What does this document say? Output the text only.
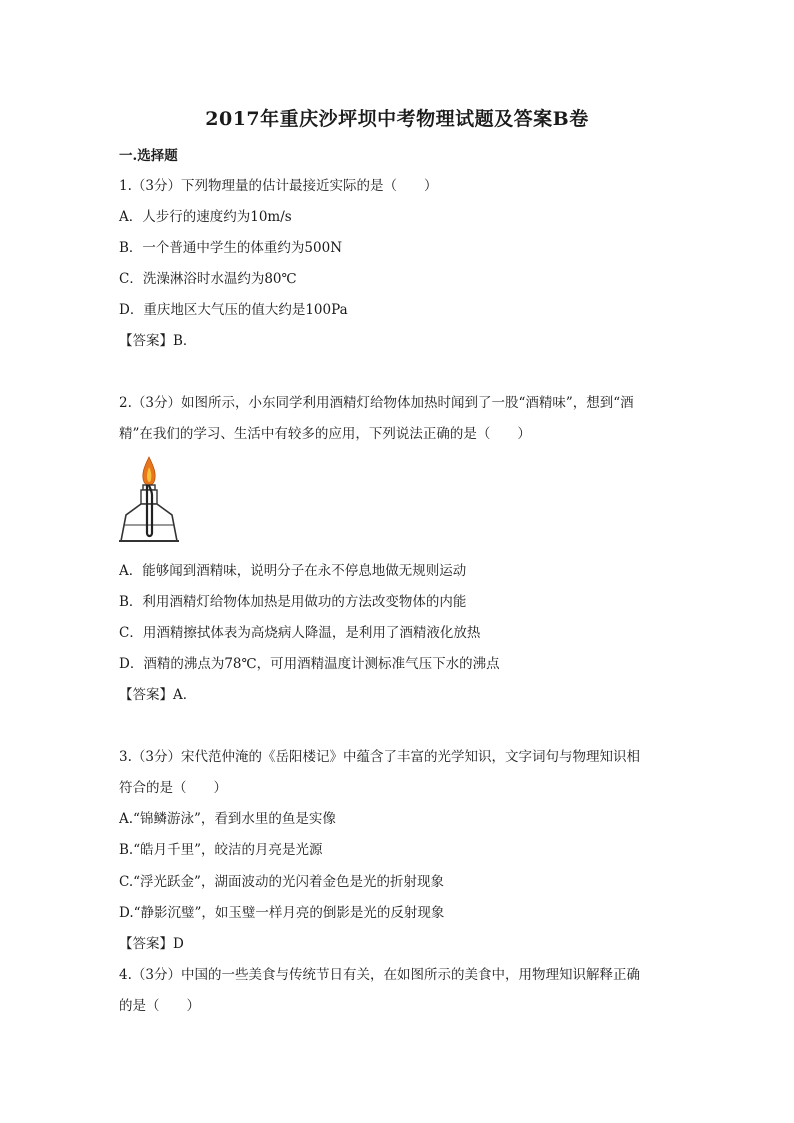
2017年重庆沙坪坝中考物理试题及答案B卷
一.选择题
1.（3分）下列物理量的估计最接近实际的是（　　）
A．人步行的速度约为10m/s
B．一个普通中学生的体重约为500N
C．洗澡淋浴时水温约为80℃
D．重庆地区大气压的值大约是100Pa
【答案】B．
2.（3分）如图所示，小东同学利用酒精灯给物体加热时闻到了一股“酒精味”，想到“酒
精”在我们的学习、生活中有较多的应用，下列说法正确的是（　　）
A．能够闻到酒精味，说明分子在永不停息地做无规则运动
B．利用酒精灯给物体加热是用做功的方法改变物体的内能
C．用酒精擦拭体表为高烧病人降温，是利用了酒精液化放热
D．酒精的沸点为78℃，可用酒精温度计测标准气压下水的沸点
【答案】A．
3.（3分）宋代范仲淹的《岳阳楼记》中蕴含了丰富的光学知识，文字词句与物理知识相
符合的是（　　）
A.“锦鳞游泳”，看到水里的鱼是实像
B.“皓月千里”，皎洁的月亮是光源
C.“浮光跃金”，湖面波动的光闪着金色是光的折射现象
D.“静影沉璧”，如玉璧一样月亮的倒影是光的反射现象
【答案】D
4.（3分）中国的一些美食与传统节日有关，在如图所示的美食中，用物理知识解释正确
的是（　　）
